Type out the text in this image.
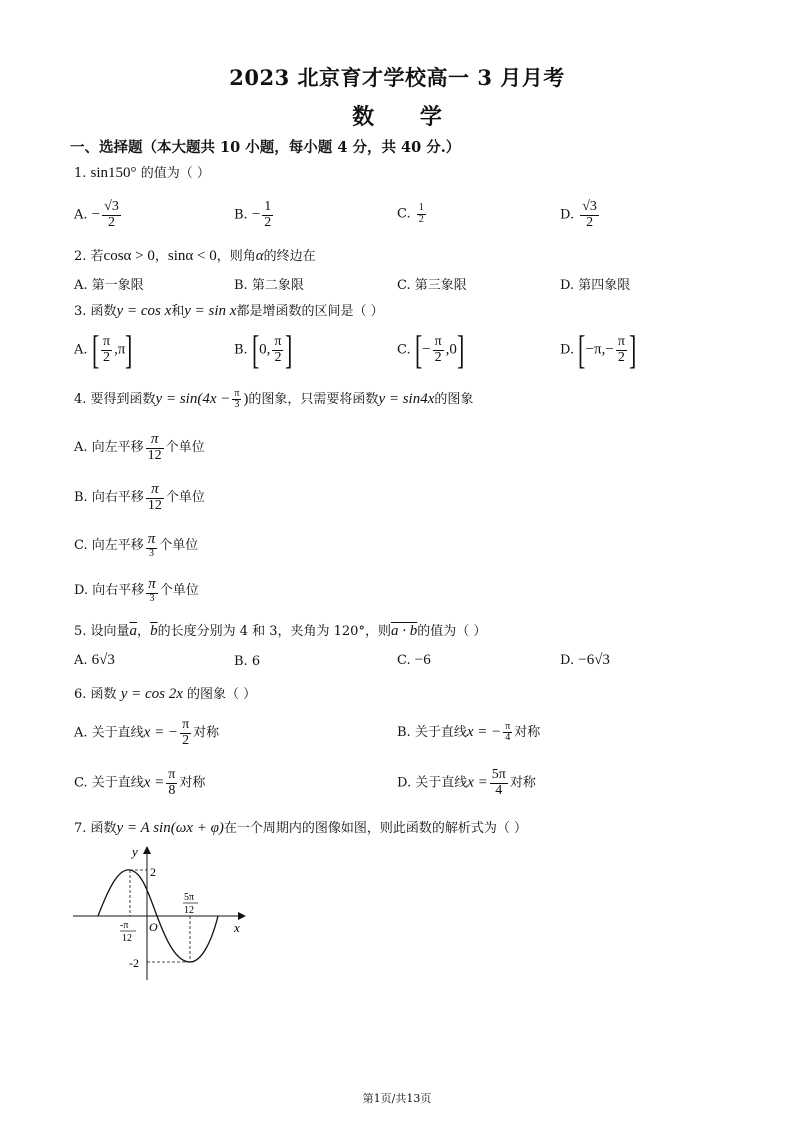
2023 北京育才学校高一 3 月月考
数 学
一、选择题（本大题共 10 小题，每小题 4 分，共 40 分.）
1. sin150° 的值为（ ）
A. − $\frac{√3}{2}$	B. − $\frac{1}{2}$	C. $\frac{1}{2}$	D. $\frac{√3}{2}$
2. 若cosα > 0，sinα < 0，则角α的终边在
A. 第一象限	B. 第二象限	C. 第三象限	D. 第四象限
3. 函数y = cos x和y = sin x都是增函数的区间是（ ）
A. [ $\frac{\pi}{2} ,\pi$]	B. [0, $\frac{\pi}{2}$ ]	C. [− $\frac{\pi}{2} ,0$]	D. [$-\pi,- \frac{\pi}{2}$ ]
4. 要得到函数$y = \sin(4x - \frac{\pi}{3}$ )的图象，只需要将函数y = sin4x的图象
A. 向左平移 $\frac{\pi}{12}$ 个单位
B. 向右平移 $\frac{\pi}{12}$ 个单位
C. 向左平移 $\frac{\pi}{3}$ 个单位
D. 向右平移 $\frac{\pi}{3}$ 个单位
5. 设向量$\overline{a}$，$\overline{b}$的长度分别为 4 和 3，夹角为 120°，则a · b的值为（ ）
A. 6√3	B. 6	C. −6	D. −6√3
6. 函数 y = cos 2x 的图象（ ）
A. 关于直线x = − $\frac{\pi}{2}$ 对称	B. 关于直线x = − $\frac{\pi}{4}$ 对称
C. 关于直线$x = \frac{\pi}{8}$ 对称	D. 关于直线$x = \frac{5\pi}{4}$ 对称
7. 函数y = A sin(ωx + φ)在一个周期内的图像如图，则此函数的解析式为（ ）
y
x
O
2
-2
5π
12
-π
12
第1页/共13页
